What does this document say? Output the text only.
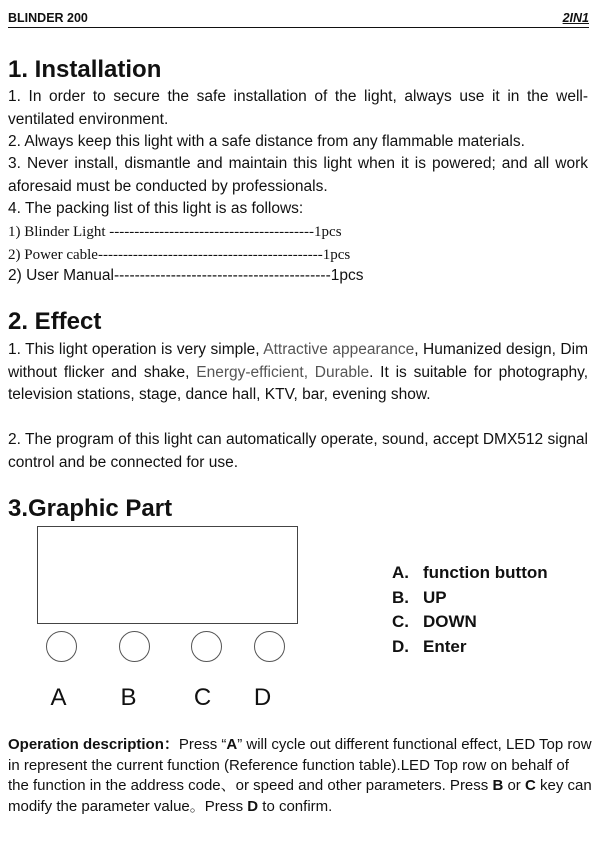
BLINDER 200	2IN1
1. Installation

1. In order to secure the safe installation of the light, always use it in the well-ventilated environment.

2. Always keep this light with a safe distance from any flammable materials.

3. Never install, dismantle and maintain this light when it is powered; and all work aforesaid must be conducted by professionals.

4. The packing list of this light is as follows:

1) Blinder Light -----------------------------------------1pcs

2) Power cable---------------------------------------------1pcs

2) User Manual------------------------------------------1pcs

2. Effect

1. This light operation is very simple, Attractive appearance, Humanized design, Dim without flicker and shake, Energy-efficient, Durable. It is suitable for photography, television stations, stage, dance hall, KTV, bar, evening show.

2. The program of this light can automatically operate, sound, accept DMX512 signal control and be connected for use.

3.Graphic Part
A	B	C D
A. function button
B. UP
C. DOWN
D. Enter

Operation description：Press “A” will cycle out different functional effect, LED Top row in represent the current function (Reference function table).LED Top row on behalf of the function in the address code、or speed and other parameters. Press B or C key can modify the parameter value。Press D to confirm.
